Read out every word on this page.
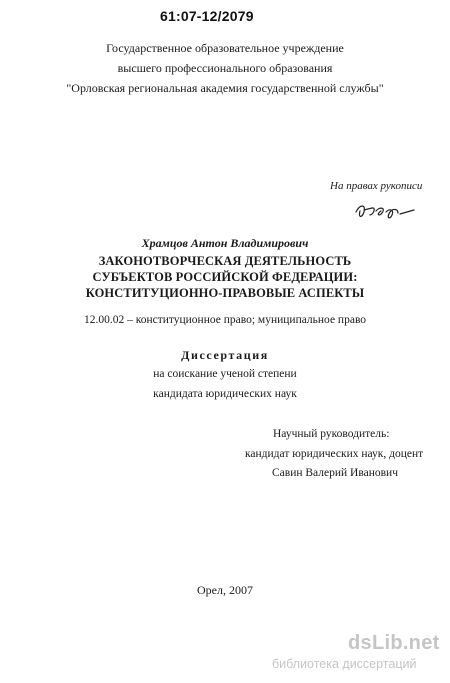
61:07-12/2079
Государственное образовательное учреждение
высшего профессионального образования
"Орловская региональная академия государственной службы"
На правах рукописи
Храмцов Антон Владимирович
ЗАКОНОТВОРЧЕСКАЯ ДЕЯТЕЛЬНОСТЬ
СУБЪЕКТОВ РОССИЙСКОЙ ФЕДЕРАЦИИ:
КОНСТИТУЦИОННО-ПРАВОВЫЕ АСПЕКТЫ
12.00.02 – конституционное право; муниципальное право
Диссертация
на соискание ученой степени
кандидата юридических наук
Научный руководитель:
кандидат юридических наук, доцент
Савин Валерий Иванович
Орел, 2007
dsLib.net
библиотека диссертаций
